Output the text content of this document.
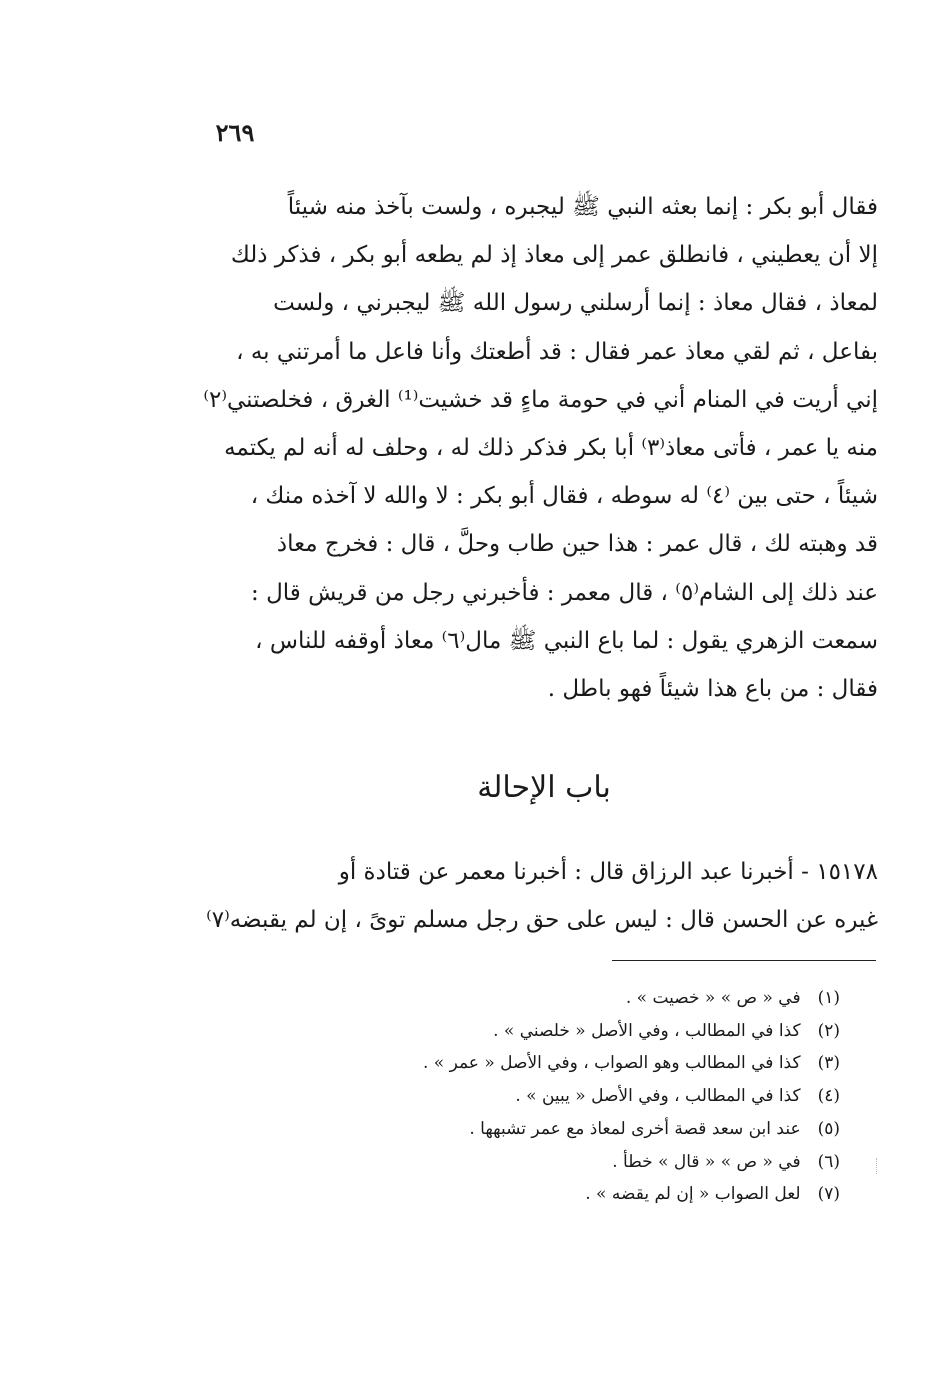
٢٦٩
فقال أبو بكر : إنما بعثه النبي ﷺ ليجبره ، ولست بآخذ منه شيئاً
إلا أن يعطيني ، فانطلق عمر إلى معاذ إذ لم يطعه أبو بكر ، فذكر ذلك
لمعاذ ، فقال معاذ : إنما أرسلني رسول الله ﷺ ليجبرني ، ولست
بفاعل ، ثم لقي معاذ عمر فقال : قد أطعتك وأنا فاعل ما أمرتني به ،
إني أريت في المنام أني في حومة ماءٍ قد خشيت⁽¹⁾ الغرق ، فخلصتني⁽٢⁾
منه يا عمر ، فأتى معاذ⁽٣⁾ أبا بكر فذكر ذلك له ، وحلف له أنه لم يكتمه
شيئاً ، حتى بين ⁽٤⁾ له سوطه ، فقال أبو بكر : لا والله لا آخذه منك ،
قد وهبته لك ، قال عمر : هذا حين طاب وحلَّ ، قال : فخرج معاذ
عند ذلك إلى الشام⁽٥⁾ ، قال معمر : فأخبرني رجل من قريش قال :
سمعت الزهري يقول : لما باع النبي ﷺ مال⁽٦⁾ معاذ أوقفه للناس ،
فقال : من باع هذا شيئاً فهو باطل .
باب الإحالة
١٥١٧٨ - أخبرنا عبد الرزاق قال : أخبرنا معمر عن قتادة أو
غيره عن الحسن قال : ليس على حق رجل مسلم توىً ، إن لم يقبضه⁽٧⁾
(١) في « ص » « خصيت » .
(٢) كذا في المطالب ، وفي الأصل « خلصني » .
(٣) كذا في المطالب وهو الصواب ، وفي الأصل « عمر » .
(٤) كذا في المطالب ، وفي الأصل « يبين » .
(٥) عند ابن سعد قصة أخرى لمعاذ مع عمر تشبهها .
(٦) في « ص » « قال » خطأ .
(٧) لعل الصواب « إن لم يقضه » .
